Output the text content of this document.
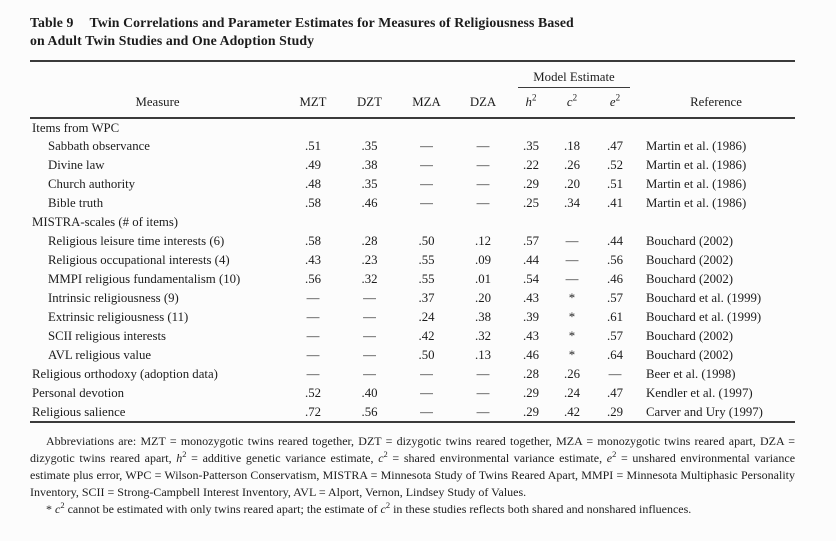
Table 9 Twin Correlations and Parameter Estimates for Measures of Religiousness Based
on Adult Twin Studies and One Adoption Study

					Model Estimate			

Measure	MZT	DZT	MZA	DZA	$h^2$	$c^2$	$e^2$	Reference
Items from WPC								
Sabbath observance	.51	.35	—	—	.35	.18	.47	Martin et al. (1986)
Divine law	.49	.38	—	—	.22	.26	.52	Martin et al. (1986)
Church authority	.48	.35	—	—	.29	.20	.51	Martin et al. (1986)
Bible truth	.58	.46	—	—	.25	.34	.41	Martin et al. (1986)
MISTRA-scales (# of items)								
Religious leisure time interests (6)	.58	.28	.50	.12	.57	—	.44	Bouchard (2002)
Religious occupational interests (4)	.43	.23	.55	.09	.44	—	.56	Bouchard (2002)
MMPI religious fundamentalism (10)	.56	.32	.55	.01	.54	—	.46	Bouchard (2002)
Intrinsic religiousness (9)	—	—	.37	.20	.43	*	.57	Bouchard et al. (1999)
Extrinsic religiousness (11)	—	—	.24	.38	.39	*	.61	Bouchard et al. (1999)
SCII religious interests	—	—	.42	.32	.43	*	.57	Bouchard (2002)
AVL religious value	—	—	.50	.13	.46	*	.64	Bouchard (2002)
Religious orthodoxy (adoption data)	—	—	—	—	.28	.26	—	Beer et al. (1998)
Personal devotion	.52	.40	—	—	.29	.24	.47	Kendler et al. (1997)
Religious salience	.72	.56	—	—	.29	.42	.29	Carver and Ury (1997)

Abbreviations are: MZT = monozygotic twins reared together, DZT = dizygotic twins reared together, MZA = monozygotic twins reared apart, DZA = dizygotic twins reared apart, $h^2$ = additive genetic variance estimate, $c^2$ = shared environmental variance estimate, $e^2$ = unshared environmental variance estimate plus error, WPC = Wilson-Patterson Conservatism, MISTRA = Minnesota Study of Twins Reared Apart, MMPI = Minnesota Multiphasic Personality Inventory, SCII = Strong-Campbell Interest Inventory, AVL = Alport, Vernon, Lindsey Study of Values.

* $c^2$ cannot be estimated with only twins reared apart; the estimate of $c^2$ in these studies reflects both shared and nonshared influences.
